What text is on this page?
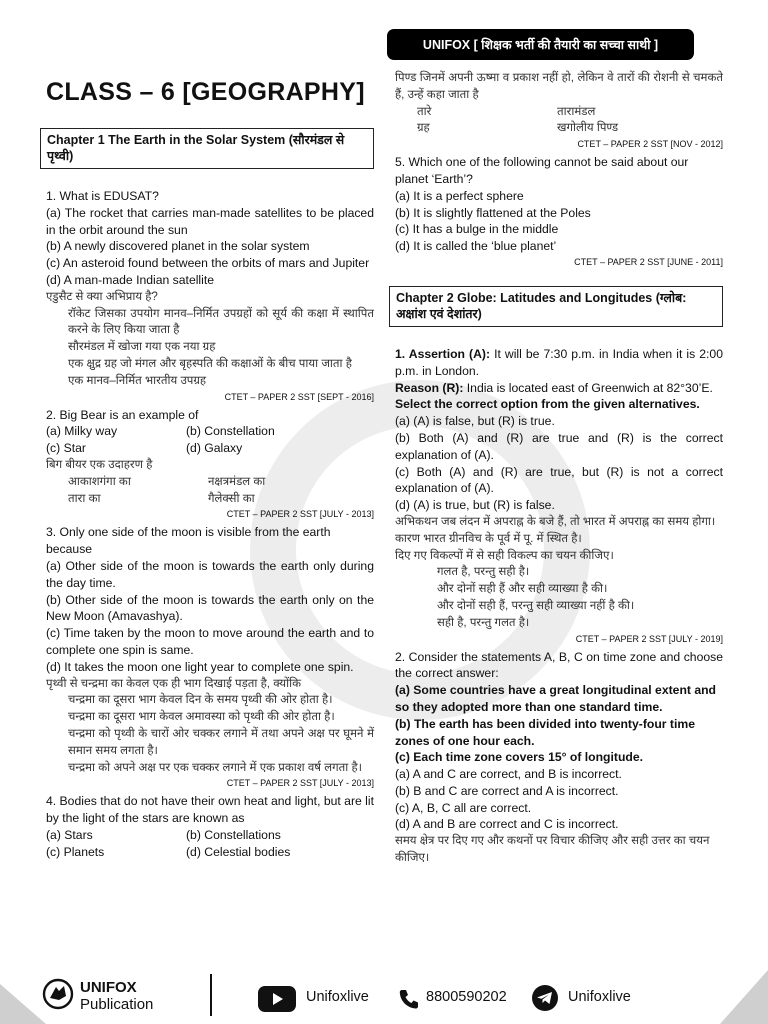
UNIFOX [ शिक्षक भर्ती की तैयारी का सच्चा साथी ]
CLASS – 6 [GEOGRAPHY]
Chapter 1 The Earth in the Solar System (सौरमंडल से पृथ्वी)

1. What is EDUSAT?

(a) The rocket that carries man-made satellites to be placed in the orbit around the sun

(b) A newly discovered planet in the solar system

(c) An asteroid found between the orbits of mars and Jupiter

(d) A man-made Indian satellite

एडुसैट से क्या अभिप्राय है?

रॉकेट जिसका उपयोग मानव–निर्मित उपग्रहों को सूर्य की कक्षा में स्थापित करने के लिए किया जाता है

सौरमंडल में खोजा गया एक नया ग्रह

एक क्षुद्र ग्रह जो मंगल और बृहस्पति की कक्षाओं के बीच पाया जाता है

एक मानव–निर्मित भारतीय उपग्रह

CTET – PAPER 2 SST [SEPT - 2016]

2. Big Bear is an example of

(a) Milky way	(b) Constellation
(c) Star	(d) Galaxy

बिग बीयर एक उदाहरण है

आकाशगंगा का	नक्षत्रमंडल का
तारा का	गैलेक्सी का
CTET – PAPER 2 SST [JULY - 2013]

3. Only one side of the moon is visible from the earth because

(a) Other side of the moon is towards the earth only during the day time.

(b) Other side of the moon is towards the earth only on the New Moon (Amavashya).

(c) Time taken by the moon to move around the earth and to complete one spin is same.

(d) It takes the moon one light year to complete one spin.

पृथ्वी से चन्द्रमा का केवल एक ही भाग दिखाई पड़ता है, क्योंकि

चन्द्रमा का दूसरा भाग केवल दिन के समय पृथ्वी की ओर होता है।

चन्द्रमा का दूसरा भाग केवल अमावस्या को पृथ्वी की ओर होता है।

चन्द्रमा को पृथ्वी के चारों ओर चक्कर लगाने में तथा अपने अक्ष पर घूमने में समान समय लगता है।

चन्द्रमा को अपने अक्ष पर एक चक्कर लगाने में एक प्रकाश वर्ष लगता है।

CTET – PAPER 2 SST [JULY - 2013]

4. Bodies that do not have their own heat and light, but are lit by the light of the stars are known as

(a) Stars	(b) Constellations
(c) Planets	(d) Celestial bodies

पिण्ड जिनमें अपनी ऊष्मा व प्रकाश नहीं हो, लेकिन वे तारों की रोशनी से चमकते हैं, उन्हें कहा जाता है

तारे	तारामंडल
ग्रह	खगोलीय पिण्ड
CTET – PAPER 2 SST [NOV - 2012]

5. Which one of the following cannot be said about our planet ‘Earth’?

(a) It is a perfect sphere

(b) It is slightly flattened at the Poles

(c) It has a bulge in the middle

(d) It is called the ‘blue planet’

CTET – PAPER 2 SST [JUNE - 2011]
Chapter 2 Globe: Latitudes and Longitudes (ग्लोब: अक्षांश एवं देशांतर)

1. Assertion (A): It will be 7:30 p.m. in India when it is 2:00 p.m. in London.

Reason (R): India is located east of Greenwich at 82°30’E.

Select the correct option from the given alternatives.

(a) (A) is false, but (R) is true.

(b) Both (A) and (R) are true and (R) is the correct explanation of (A).

(c) Both (A) and (R) are true, but (R) is not a correct explanation of (A).

(d) (A) is true, but (R) is false.

अभिकथन जब लंदन में अपराह्न के बजे हैं, तो भारत में अपराह्न का समय होगा।

कारण भारत ग्रीनविच के पूर्व में पू. में स्थित है।

दिए गए विकल्पों में से सही विकल्प का चयन कीजिए।

गलत है, परन्तु सही है।

और दोनों सही हैं और सही व्याख्या है की।

और दोनों सही हैं, परन्तु सही व्याख्या नहीं है की।

सही है, परन्तु गलत है।

CTET – PAPER 2 SST [JULY - 2019]

2. Consider the statements A, B, C on time zone and choose the correct answer:

(a) Some countries have a great longitudinal extent and so they adopted more than one standard time.

(b) The earth has been divided into twenty-four time zones of one hour each.

(c) Each time zone covers 15° of longitude.

(a) A and C are correct, and B is incorrect.

(b) B and C are correct and A is incorrect.

(c) A, B, C all are correct.

(d) A and B are correct and C is incorrect.

समय क्षेत्र पर दिए गए और कथनों पर विचार कीजिए और सही उत्तर का चयन कीजिए।

UNIFOX
Publication	Unifoxlive	8800590202	Unifoxlive
